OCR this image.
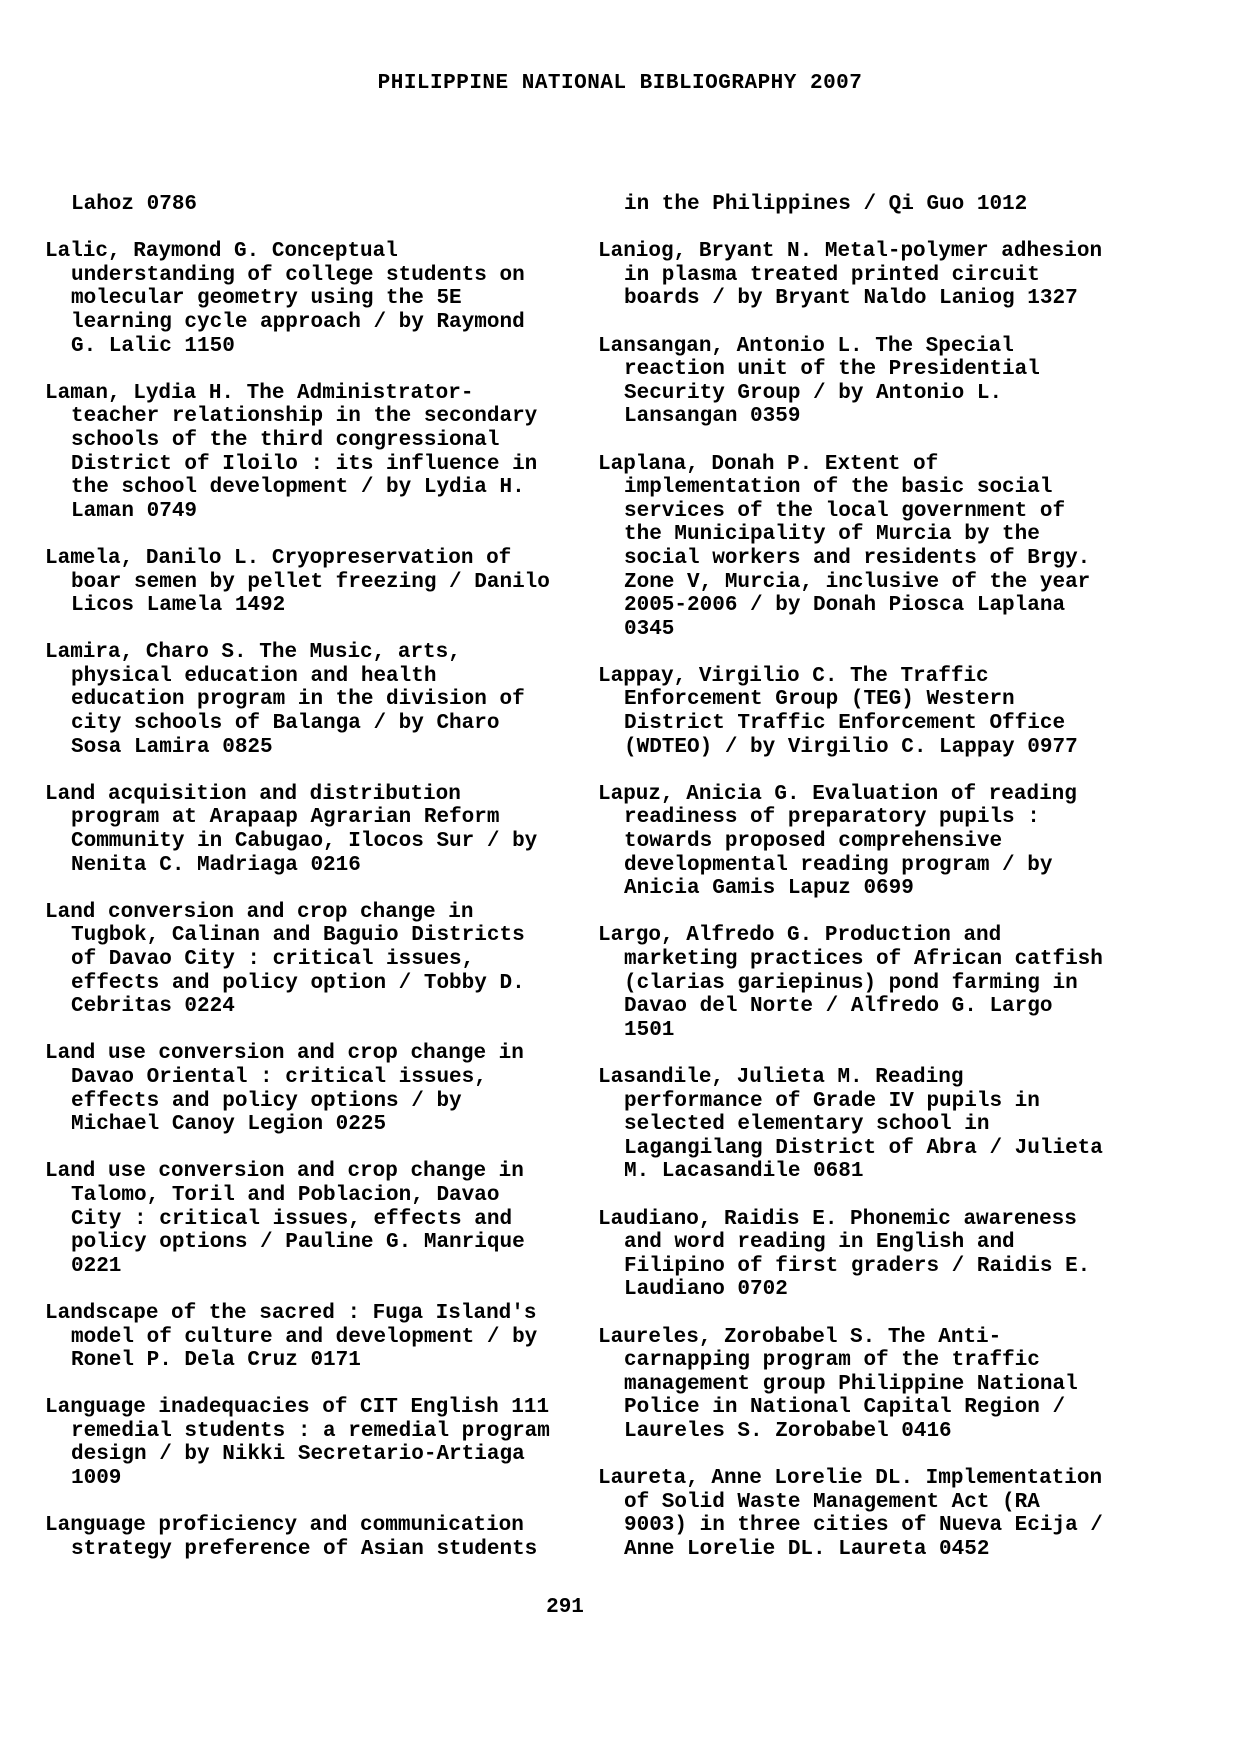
PHILIPPINE NATIONAL BIBLIOGRAPHY 2007
Lahoz 0786
Lalic, Raymond G. Conceptual
understanding of college students on
molecular geometry using the 5E
learning cycle approach / by Raymond
G. Lalic 1150
Laman, Lydia H. The Administrator-
teacher relationship in the secondary
schools of the third congressional
District of Iloilo : its influence in
the school development / by Lydia H.
Laman 0749
Lamela, Danilo L. Cryopreservation of
boar semen by pellet freezing / Danilo
Licos Lamela 1492
Lamira, Charo S. The Music, arts,
physical education and health
education program in the division of
city schools of Balanga / by Charo
Sosa Lamira 0825
Land acquisition and distribution
program at Arapaap Agrarian Reform
Community in Cabugao, Ilocos Sur / by
Nenita C. Madriaga 0216
Land conversion and crop change in
Tugbok, Calinan and Baguio Districts
of Davao City : critical issues,
effects and policy option / Tobby D.
Cebritas 0224
Land use conversion and crop change in
Davao Oriental : critical issues,
effects and policy options / by
Michael Canoy Legion 0225
Land use conversion and crop change in
Talomo, Toril and Poblacion, Davao
City : critical issues, effects and
policy options / Pauline G. Manrique
0221
Landscape of the sacred : Fuga Island's
model of culture and development / by
Ronel P. Dela Cruz 0171
Language inadequacies of CIT English 111
remedial students : a remedial program
design / by Nikki Secretario-Artiaga
1009
Language proficiency and communication
strategy preference of Asian students
in the Philippines / Qi Guo 1012
Laniog, Bryant N. Metal-polymer adhesion
in plasma treated printed circuit
boards / by Bryant Naldo Laniog 1327
Lansangan, Antonio L. The Special
reaction unit of the Presidential
Security Group / by Antonio L.
Lansangan 0359
Laplana, Donah P. Extent of
implementation of the basic social
services of the local government of
the Municipality of Murcia by the
social workers and residents of Brgy.
Zone V, Murcia, inclusive of the year
2005-2006 / by Donah Piosca Laplana
0345
Lappay, Virgilio C. The Traffic
Enforcement Group (TEG) Western
District Traffic Enforcement Office
(WDTEO) / by Virgilio C. Lappay 0977
Lapuz, Anicia G. Evaluation of reading
readiness of preparatory pupils :
towards proposed comprehensive
developmental reading program / by
Anicia Gamis Lapuz 0699
Largo, Alfredo G. Production and
marketing practices of African catfish
(clarias gariepinus) pond farming in
Davao del Norte / Alfredo G. Largo
1501
Lasandile, Julieta M. Reading
performance of Grade IV pupils in
selected elementary school in
Lagangilang District of Abra / Julieta
M. Lacasandile 0681
Laudiano, Raidis E. Phonemic awareness
and word reading in English and
Filipino of first graders / Raidis E.
Laudiano 0702
Laureles, Zorobabel S. The Anti-
carnapping program of the traffic
management group Philippine National
Police in National Capital Region /
Laureles S. Zorobabel 0416
Laureta, Anne Lorelie DL. Implementation
of Solid Waste Management Act (RA
9003) in three cities of Nueva Ecija /
Anne Lorelie DL. Laureta 0452
291
